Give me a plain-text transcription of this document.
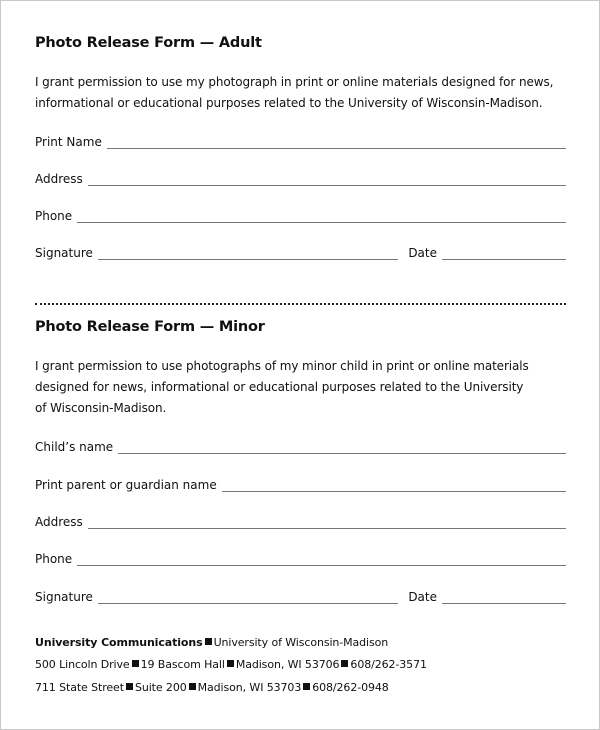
Photo Release Form — Adult
I grant permission to use my photograph in print or online materials designed for news,
informational or educational purposes related to the University of Wisconsin-Madison.
Print Name
Address
Phone
Signature	Date
Photo Release Form — Minor
I grant permission to use photographs of my minor child in print or online materials
designed for news, informational or educational purposes related to the University
of Wisconsin-Madison.
Child’s name
Print parent or guardian name
Address
Phone
Signature	Date
University Communications University of Wisconsin-Madison
500 Lincoln Drive 19 Bascom Hall Madison, WI 53706 608/262-3571
711 State Street Suite 200 Madison, WI 53703 608/262-0948
